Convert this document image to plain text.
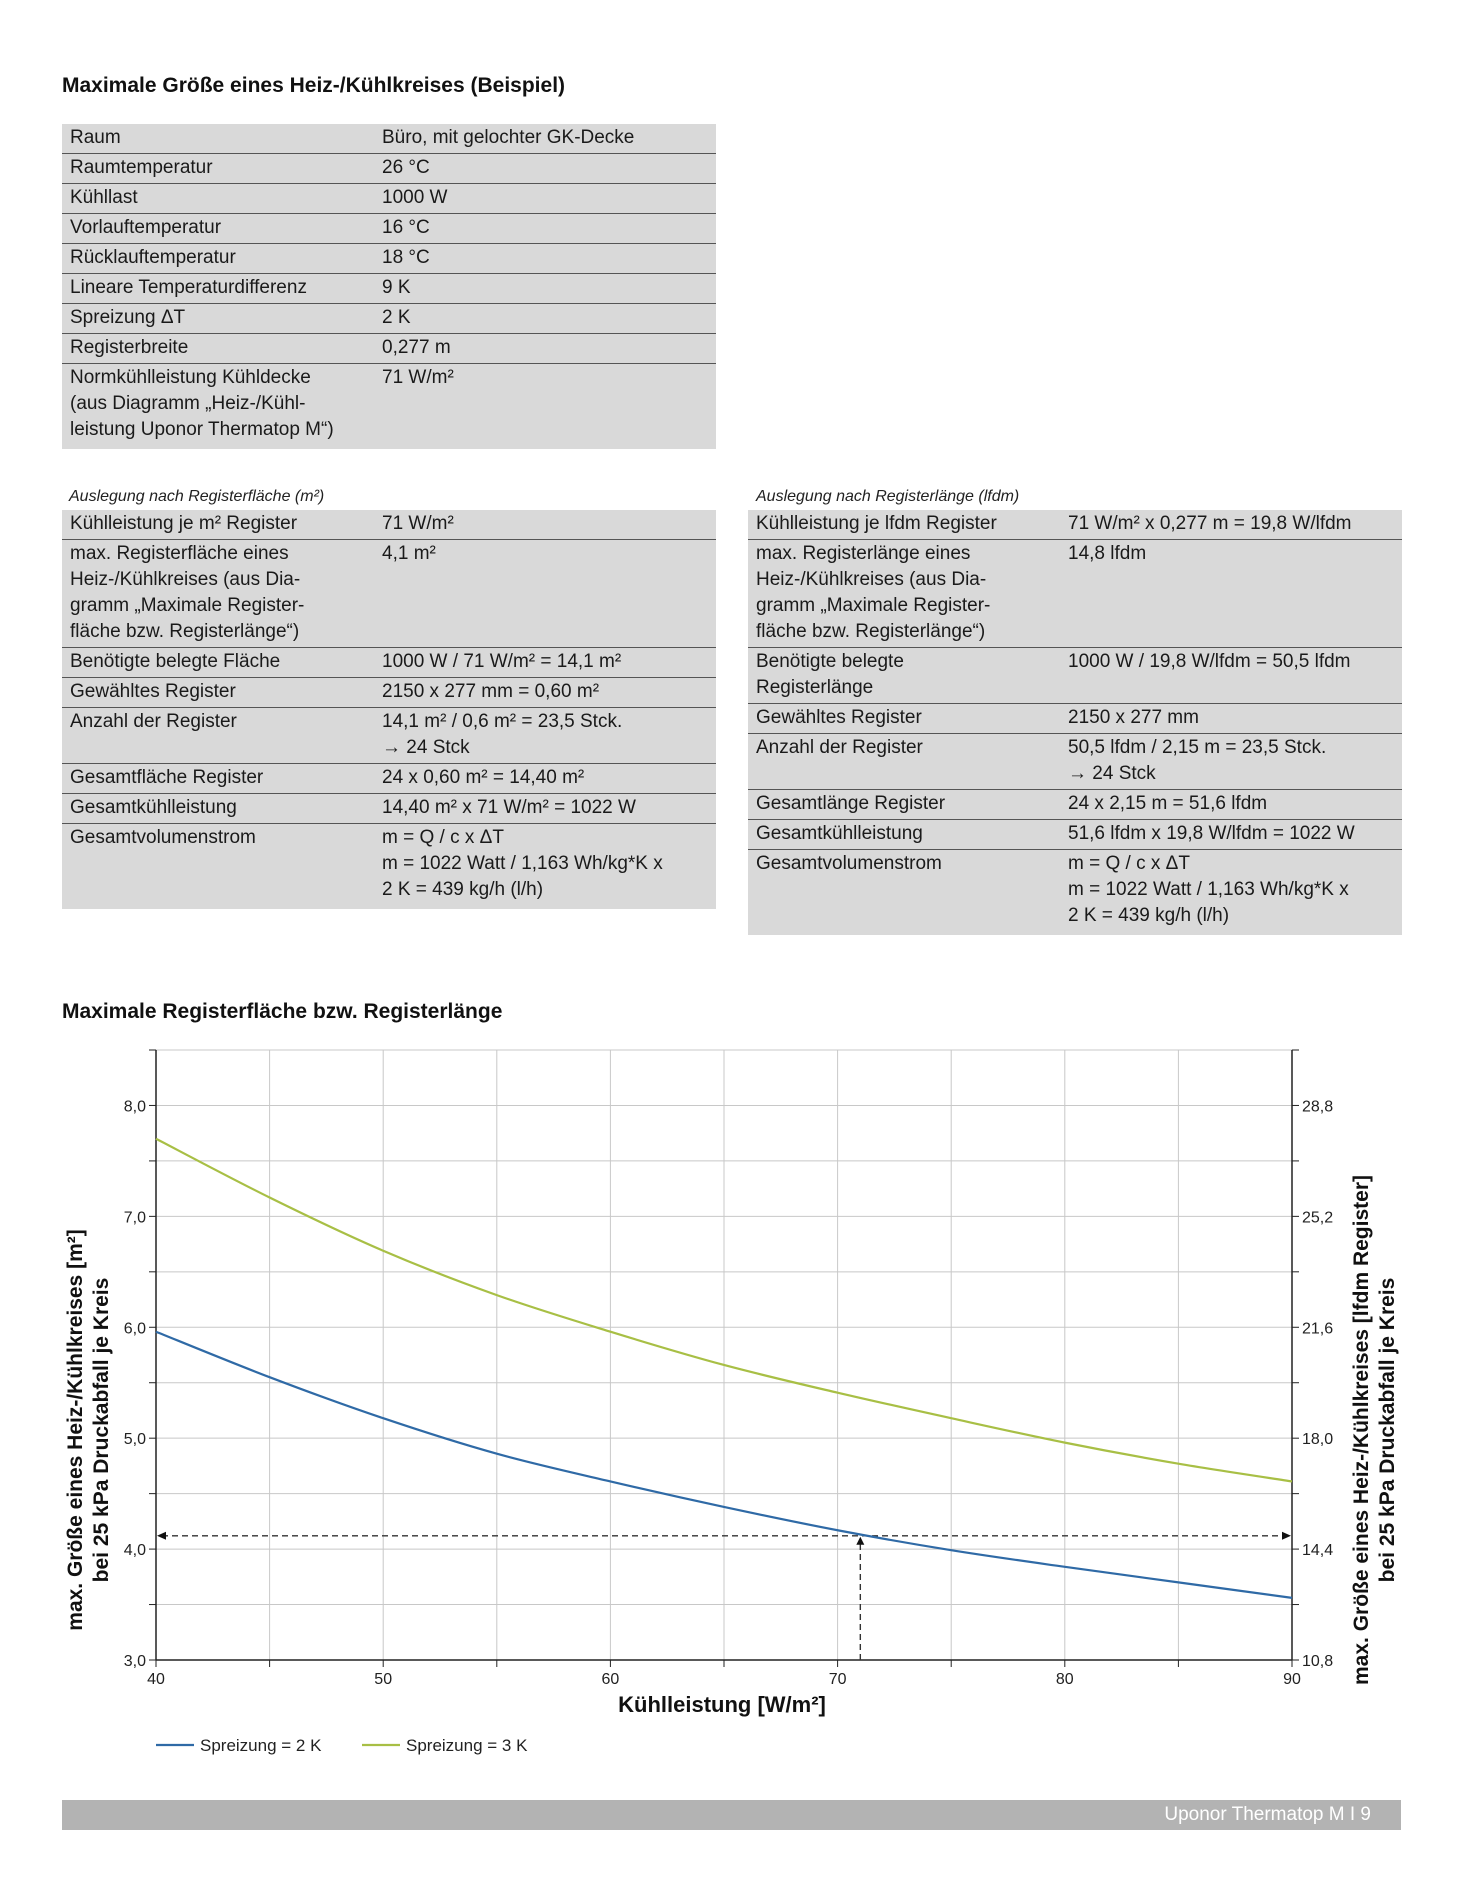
Maximale Größe eines Heiz-/Kühlkreises (Beispiel)
Raum	Büro, mit gelochter GK-Decke
Raumtemperatur	26 °C
Kühllast	1000 W
Vorlauftemperatur	16 °C
Rücklauftemperatur	18 °C
Lineare Temperaturdifferenz	9 K
Spreizung ΔT	2 K
Registerbreite	0,277 m
Normkühlleistung Kühldecke
(aus Diagramm „Heiz-/Kühl-
leistung Uponor Thermatop M“)	71 W/m²
Auslegung nach Registerfläche (m²)
Kühlleistung je m² Register	71 W/m²
max. Registerfläche eines
Heiz-/Kühlkreises (aus Dia-
gramm „Maximale Register-
fläche bzw. Registerlänge“)	4,1 m²
Benötigte belegte Fläche	1000 W / 71 W/m² = 14,1 m²
Gewähltes Register	2150 x 277 mm = 0,60 m²
Anzahl der Register	14,1 m² / 0,6 m² = 23,5 Stck.
→ 24 Stck
Gesamtfläche Register	24 x 0,60 m² = 14,40 m²
Gesamtkühlleistung	14,40 m² x 71 W/m² = 1022 W
Gesamtvolumenstrom	m = Q / c x ΔT
m = 1022 Watt / 1,163 Wh/kg*K x
2 K = 439 kg/h (l/h)
Auslegung nach Registerlänge (lfdm)
Kühlleistung je lfdm Register	71 W/m² x 0,277 m = 19,8 W/lfdm
max. Registerlänge eines
Heiz-/Kühlkreises (aus Dia-
gramm „Maximale Register-
fläche bzw. Registerlänge“)	14,8 lfdm
Benötigte belegte
Registerlänge	1000 W / 19,8 W/lfdm = 50,5 lfdm
Gewähltes Register	2150 x 277 mm
Anzahl der Register	50,5 lfdm / 2,15 m = 23,5 Stck.
→ 24 Stck
Gesamtlänge Register	24 x 2,15 m = 51,6 lfdm
Gesamtkühlleistung	51,6 lfdm x 19,8 W/lfdm = 1022 W
Gesamtvolumenstrom	m = Q / c x ΔT
m = 1022 Watt / 1,163 Wh/kg*K x
2 K = 439 kg/h (l/h)
Maximale Registerfläche bzw. Registerlänge
40	50	60	70	80	90
3,0
4,0
5,0
6,0
7,0
8,0
10,8
14,4
18,0
21,6
25,2
28,8
Kühlleistung [W/m²]
max. Größe eines Heiz-/Kühlkreises [m²] bei 25 kPa Druckabfall je Kreis	max. Größe eines Heiz-/Kühlkreises [lfdm Register] bei 25 kPa Druckabfall je Kreis
Spreizung = 2 K	Spreizung = 3 K
Uponor Thermatop M I 9
